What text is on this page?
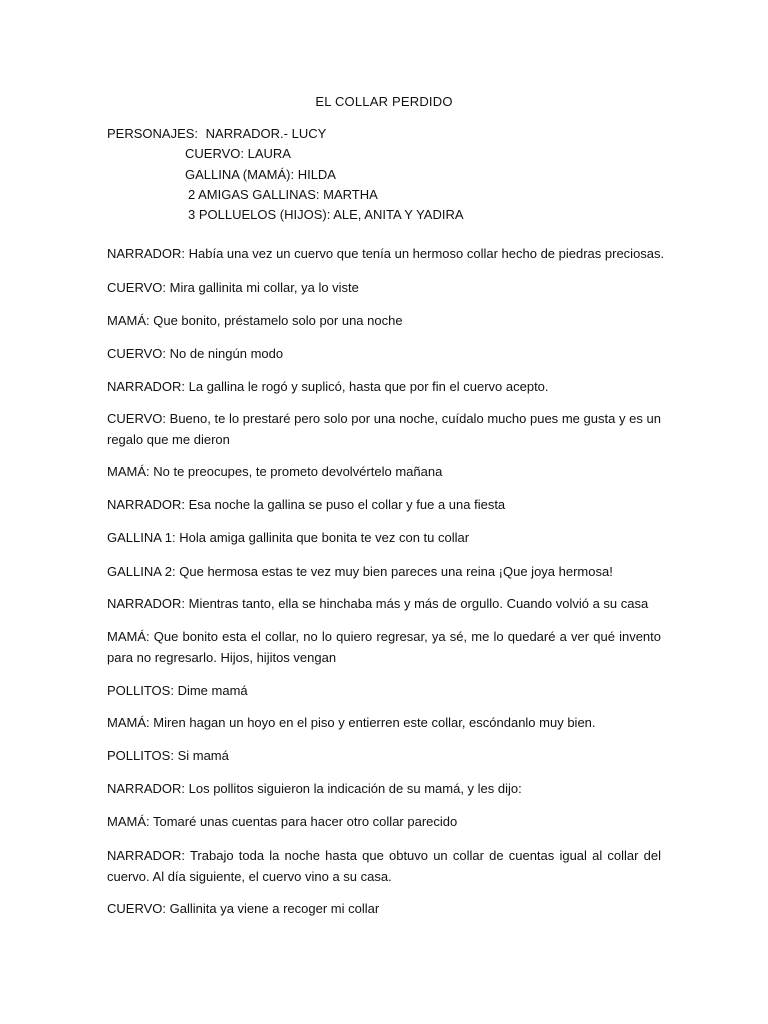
EL COLLAR PERDIDO
PERSONAJES: NARRADOR.- LUCY
CUERVO: LAURA
GALLINA (MAMÁ): HILDA
2 AMIGAS GALLINAS: MARTHA
3 POLLUELOS (HIJOS): ALE, ANITA Y YADIRA
NARRADOR: Había una vez un cuervo que tenía un hermoso collar hecho de piedras preciosas.
CUERVO: Mira gallinita mi collar, ya lo viste
MAMÁ: Que bonito, préstamelo solo por una noche
CUERVO: No de ningún modo
NARRADOR: La gallina le rogó y suplicó, hasta que por fin el cuervo acepto.
CUERVO: Bueno, te lo prestaré pero solo por una noche, cuídalo mucho pues me gusta y es un regalo que me dieron
MAMÁ: No te preocupes, te prometo devolvértelo mañana
NARRADOR: Esa noche la gallina se puso el collar y fue a una fiesta
GALLINA 1: Hola amiga gallinita que bonita te vez con tu collar
GALLINA 2: Que hermosa estas te vez muy bien pareces una reina ¡Que joya hermosa!
NARRADOR: Mientras tanto, ella se hinchaba más y más de orgullo. Cuando volvió a su casa
MAMÁ: Que bonito esta el collar, no lo quiero regresar, ya sé, me lo quedaré a ver qué invento para no regresarlo. Hijos, hijitos vengan
POLLITOS: Dime mamá
MAMÁ: Miren hagan un hoyo en el piso y entierren este collar, escóndanlo muy bien.
POLLITOS: Si mamá
NARRADOR: Los pollitos siguieron la indicación de su mamá, y les dijo:
MAMÁ: Tomaré unas cuentas para hacer otro collar parecido
NARRADOR: Trabajo toda la noche hasta que obtuvo un collar de cuentas igual al collar del cuervo. Al día siguiente, el cuervo vino a su casa.
CUERVO: Gallinita ya viene a recoger mi collar
